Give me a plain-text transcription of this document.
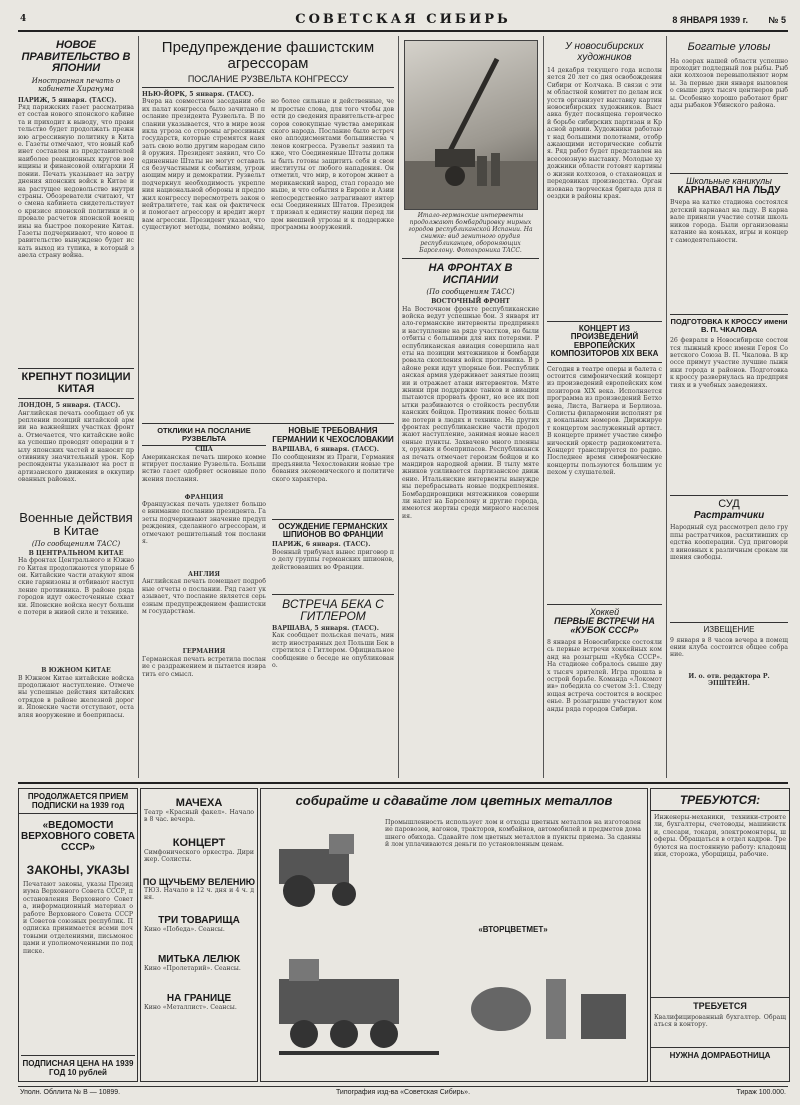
4	СОВЕТСКАЯ СИБИРЬ	8 ЯНВАРЯ 1939 г. № 5
НОВОЕ ПРАВИТЕЛЬСТВО В ЯПОНИИ
Иностранная печать о кабинете Хиранума
ПАРИЖ, 5 января. (ТАСС).
Ряд парижских газет рассматривает состав нового японского кабинета и приходит к выводу, что правительство будет продолжать прежнюю агрессивную политику в Китае. Газеты отмечают, что новый кабинет составлен из представителей наиболее реакционных кругов военщины и финансовой олигархии Японии. Печать указывает на затруднения японских войск в Китае и на растущее недовольство внутри страны. Обозреватели считают, что смена кабинета свидетельствует о кризисе японской политики и о провале расчетов японской военщины на быстрое покорение Китая. Газеты подчеркивают, что новое правительство вынуждено будет искать выход из тупика, в который завела страну война.
КРЕПНУТ ПОЗИЦИИ КИТАЯ
ЛОНДОН, 5 января. (ТАСС).
Английская печать сообщает об укреплении позиций китайской армии на важнейших участках фронта. Отмечается, что китайские войска успешно проводят операции в тылу японских частей и наносят противнику значительный урон. Корреспонденты указывают на рост партизанского движения в оккупированных районах.
Военные действия в Китае
(По сообщениям ТАСС)
В ЦЕНТРАЛЬНОМ КИТАЕ
На фронтах Центрального и Южного Китая продолжаются упорные бои. Китайские части атакуют японские гарнизоны и отбивают наступление противника. В районе ряда городов идут ожесточенные схватки. Японские войска несут большие потери в живой силе и технике.
В ЮЖНОМ КИТАЕ
В Южном Китае китайские войска продолжают наступление. Отмечены успешные действия китайских отрядов в районе железной дороги. Японские части отступают, оставляя вооружение и боеприпасы.
Предупреждение фашистским агрессорам
ПОСЛАНИЕ РУЗВЕЛЬТА КОНГРЕССУ
НЬЮ-ЙОРК, 5 января. (ТАСС).
Вчера на совместном заседании обеих палат конгресса было зачитано послание президента Рузвельта. В послании указывается, что в мире возникла угроза со стороны агрессивных государств, которые стремятся навязать свою волю другим народам силой оружия. Президент заявил, что Соединенные Штаты не могут оставаться безучастными к событиям, угрожающим миру и демократии. Рузвельт подчеркнул необходимость укрепления национальной обороны и предложил конгрессу пересмотреть закон о нейтралитете, так как он фактически помогает агрессору и вредит жертвам агрессии. Президент указал, что существуют методы, помимо войны, но более сильные и действенные, чем простые слова, для того чтобы довести до сведения правительств-агрессоров совокупные чувства американского народа. Послание было встречено аплодисментами большинства членов конгресса. Рузвельт заявил также, что Соединенные Штаты должны быть готовы защитить себя и свои институты от любого нападения. Он отметил, что мир, в котором живет американский народ, стал гораздо меньше, и что события в Европе и Азии непосредственно затрагивают интересы Соединенных Штатов. Президент призвал к единству нации перед лицом внешней угрозы и к поддержке программы вооружений.
ОТКЛИКИ НА ПОСЛАНИЕ РУЗВЕЛЬТА
США
Американская печать широко комментирует послание Рузвельта. Большинство газет одобряет основные положения послания.
ФРАНЦИЯ
Французская печать уделяет большое внимание посланию президента. Газеты подчеркивают значение предупреждения, сделанного агрессорам, и отмечают решительный тон послания.
АНГЛИЯ
Английская печать помещает подробные отчеты о послании. Ряд газет указывает, что послание является серьезным предупреждением фашистским государствам.
ГЕРМАНИЯ
Германская печать встретила послание с раздражением и пытается извратить его смысл.
НОВЫЕ ТРЕБОВАНИЯ ГЕРМАНИИ К ЧЕХОСЛОВАКИИ
ВАРШАВА, 6 января. (ТАСС).
По сообщениям из Праги, Германия предъявила Чехословакии новые требования экономического и политического характера.
ОСУЖДЕНИЕ ГЕРМАНСКИХ ШПИОНОВ ВО ФРАНЦИИ
ПАРИЖ, 6 января. (ТАСС).
Военный трибунал вынес приговор по делу группы германских шпионов, действовавших во Франции.
ВСТРЕЧА БЕКА С ГИТЛЕРОМ
ВАРШАВА, 5 января. (ТАСС).
Как сообщает польская печать, министр иностранных дел Польши Бек встретился с Гитлером. Официальное сообщение о беседе не опубликовано.
Итало-германские интервенты продолжают бомбардировку мирных городов республиканской Испании. На снимке: вид зенитного орудия республиканцев, обороняющих Барселону. Фотохроника ТАСС.
НА ФРОНТАХ В ИСПАНИИ
(По сообщениям ТАСС)
ВОСТОЧНЫЙ ФРОНТ
На Восточном фронте республиканские войска ведут успешные бои. 3 января итало-германские интервенты предприняли наступление на ряде участков, но были отбиты с большими для них потерями. Республиканская авиация совершила налеты на позиции мятежников и бомбардировала скопления войск противника. В районе реки идут упорные бои. Республиканская армия удерживает занятые позиции и отражает атаки интервентов. Мятежники при поддержке танков и авиации пытаются прорвать фронт, но все их попытки разбиваются о стойкость республиканских бойцов. Противник понес большие потери в людях и технике. На других фронтах республиканские части продолжают наступление, занимая новые населенные пункты. Захвачено много пленных, оружия и боеприпасов. Республиканская печать отмечает героизм бойцов и командиров народной армии. В тылу мятежников усиливается партизанское движение. Итальянские интервенты вынуждены перебрасывать новые подкрепления. Бомбардировщики мятежников совершили налет на Барселону и другие города, имеются жертвы среди мирного населения.
У новосибирских художников
14 декабря текущего года исполняется 20 лет со дня освобождения Сибири от Колчака. В связи с этим областной комитет по делам искусств организует выставку картин новосибирских художников. Выставка будет посвящена героической борьбе сибирских партизан и Красной армии. Художники работают над большими полотнами, отображающими исторические события. Ряд работ будет представлен на всесоюзную выставку. Молодые художники области готовят картины о жизни колхозов, о стахановцах и передовиках производства. Организована творческая бригада для поездки в районы края.
КОНЦЕРТ ИЗ ПРОИЗВЕДЕНИЙ ЕВРОПЕЙСКИХ КОМПОЗИТОРОВ XIX ВЕКА
Сегодня в театре оперы и балета состоится симфонический концерт из произведений европейских композиторов XIX века. Исполняется программа из произведений Бетховена, Листа, Вагнера и Берлиоза. Солисты филармонии исполнят ряд вокальных номеров. Дирижирует концертом заслуженный артист. В концерте примет участие симфонический оркестр радиокомитета. Концерт транслируется по радио. Последнее время симфонические концерты пользуются большим успехом у слушателей.
Хоккей
ПЕРВЫЕ ВСТРЕЧИ НА «КУБОК СССР»
8 января в Новосибирске состоялись первые встречи хоккейных команд на розыгрыш «Кубка СССР». На стадионе собралось свыше двух тысяч зрителей. Игра прошла в острой борьбе. Команда «Локомотив» победила со счетом 3:1. Следующая встреча состоится в воскресенье. В розыгрыше участвуют команды ряда городов Сибири.
Богатые уловы
На озерах нашей области успешно проходит подледный лов рыбы. Рыбаки колхозов перевыполняют нормы. За первые дни января выловлено свыше двух тысяч центнеров рыбы. Особенно хорошо работают бригады рыбаков Убинского района.
Школьные каникулы
КАРНАВАЛ НА ЛЬДУ
Вчера на катке стадиона состоялся детский карнавал на льду. В карнавале приняли участие сотни школьников города. Были организованы катание на коньках, игры и концерт самодеятельности.
ПОДГОТОВКА К КРОССУ имени В. П. ЧКАЛОВА
26 февраля в Новосибирске состоится лыжный кросс имени Героя Советского Союза В. П. Чкалова. В кроссе примут участие лучшие лыжники города и районов. Подготовка к кроссу развернулась на предприятиях и в учебных заведениях.
СУД
Растратчики
Народный суд рассмотрел дело группы растратчиков, расхитивших средства кооперации. Суд приговорил виновных к различным срокам лишения свободы.
ИЗВЕЩЕНИЕ
9 января в 8 часов вечера в помещении клуба состоится общее собрание.
И. о. отв. редактора Р. ЭПШТЕЙН.
ПРОДОЛЖАЕТСЯ ПРИЕМ ПОДПИСКИ на 1939 год
«ВЕДОМОСТИ ВЕРХОВНОГО СОВЕТА СССР»
ЗАКОНЫ, УКАЗЫ
Печатают законы, указы Президиума Верховного Совета СССР, постановления Верховного Совета, информационный материал о работе Верховного Совета СССР и Советов союзных республик. Подписка принимается всеми почтовыми отделениями, письмоносцами и уполномоченными по подписке.
ПОДПИСНАЯ ЦЕНА НА 1939 ГОД 10 рублей
МАЧЕХА
Театр «Красный факел». Начало в 8 час. вечера.
КОНЦЕРТ
Симфонического оркестра. Дирижер. Солисты.
ПО ЩУЧЬЕМУ ВЕЛЕНИЮ
ТЮЗ. Начало в 12 ч. дня и 4 ч. дня.
ТРИ ТОВАРИЩА
Кино «Победа». Сеансы.
МИТЬКА ЛЕЛЮК
Кино «Пролетарий». Сеансы.
НА ГРАНИЦЕ
Кино «Металлист». Сеансы.
собирайте и сдавайте лом цветных металлов
Промышленность использует лом и отходы цветных металлов на изготовление паровозов, вагонов, тракторов, комбайнов, автомобилей и предметов домашнего обихода. Сдавайте лом цветных металлов в пункты приема. За сданный лом уплачиваются деньги по установленным ценам.
«ВТОРЦВЕТМЕТ»
ТРЕБУЮТСЯ:
Инженеры-механики, техники-строители, бухгалтеры, счетоводы, машинистки, слесари, токари, электромонтеры, шоферы. Обращаться в отдел кадров. Требуются на постоянную работу: кладовщики, сторожа, уборщицы, рабочие.
ТРЕБУЕТСЯ
Квалифицированный бухгалтер. Обращаться в контору.
НУЖНА ДОМРАБОТНИЦА
Уполн. Обллита № В — 10899.	Типография изд-ва «Советская Сибирь».	Тираж 100.000.
